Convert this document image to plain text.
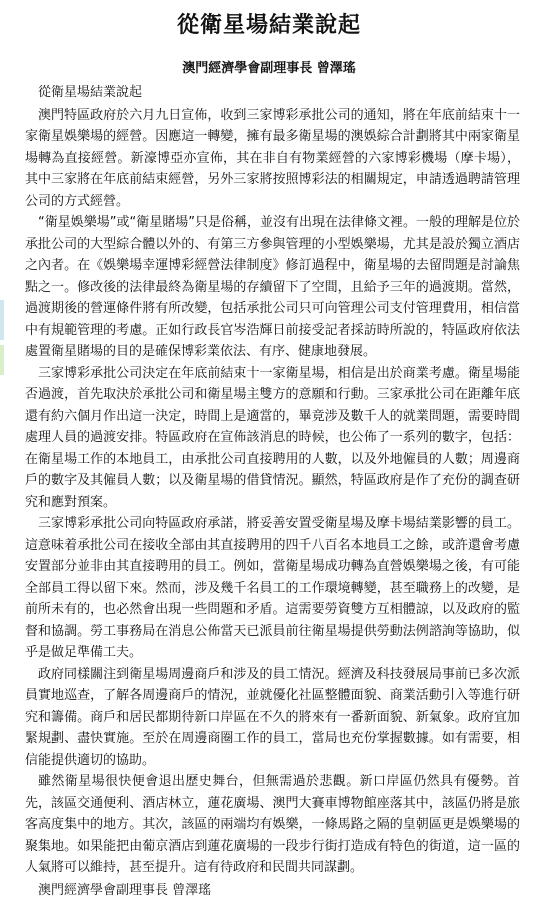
從衛星場結業說起
澳門經濟學會副理事長 曾澤瑤

從衛星場結業說起

澳門特區政府於六月九日宣佈，收到三家博彩承批公司的通知，將在年底前結束十一家衛星娛樂場的經營。因應這一轉變，擁有最多衛星場的澳娛綜合計劃將其中兩家衛星場轉為直接經營。新濠博亞亦宣佈，其在非自有物業經營的六家博彩機場（摩卡場），其中三家將在年底前結束經營，另外三家將按照博彩法的相關規定，申請透過聘請管理公司的方式經營。

“衛星娛樂場”或“衛星賭場”只是俗稱，並沒有出現在法律條文裡。一般的理解是位於承批公司的大型綜合體以外的、有第三方參與管理的小型娛樂場，尤其是設於獨立酒店之內者。在《娛樂場幸運博彩經營法律制度》修訂過程中，衛星場的去留問題是討論焦點之一。修改後的法律最終為衛星場的存續留下了空間，且給予三年的過渡期。當然，過渡期後的營運條件將有所改變，包括承批公司只可向管理公司支付管理費用，相信當中有規範管理的考慮。正如行政長官岑浩輝日前接受記者採訪時所說的，特區政府依法處置衛星賭場的目的是確保博彩業依法、有序、健康地發展。

三家博彩承批公司決定在年底前結束十一家衛星場，相信是出於商業考慮。衛星場能否過渡，首先取決於承批公司和衛星場主雙方的意願和行動。三家承批公司在距離年底還有約六個月作出這一決定，時間上是適當的，畢竟涉及數千人的就業問題，需要時間處理人員的過渡安排。特區政府在宣佈該消息的時候，也公佈了一系列的數字，包括：在衛星場工作的本地員工，由承批公司直接聘用的人數，以及外地僱員的人數；周邊商戶的數字及其僱員人數；以及衛星場的借貸情況。顯然，特區政府是作了充份的調查研究和應對預案。

三家博彩承批公司向特區政府承諾，將妥善安置受衛星場及摩卡場結業影響的員工。這意味着承批公司在接收全部由其直接聘用的四千八百名本地員工之餘，或許還會考慮安置部分並非由其直接聘用的員工。例如，當衛星場成功轉為直營娛樂場之後，有可能全部員工得以留下來。然而，涉及幾千名員工的工作環境轉變，甚至職務上的改變，是前所未有的，也必然會出現一些問題和矛盾。這需要勞資雙方互相體諒，以及政府的監督和協調。勞工事務局在消息公佈當天已派員前往衛星場提供勞動法例諮詢等協助，似乎是做足準備工夫。

政府同樣關注到衛星場周邊商戶和涉及的員工情況。經濟及科技發展局事前已多次派員實地巡查，了解各周邊商戶的情況，並就優化社區整體面貌、商業活動引入等進行研究和籌備。商戶和居民都期待新口岸區在不久的將來有一番新面貌、新氣象。政府宜加緊規劃、盡快實施。至於在周邊商圈工作的員工，當局也充份掌握數據。如有需要，相信能提供適切的協助。

雖然衛星場很快便會退出歷史舞台，但無需過於悲觀。新口岸區仍然具有優勢。首先，該區交通便利、酒店林立，蓮花廣場、澳門大賽車博物館座落其中，該區仍將是旅客高度集中的地方。其次，該區的兩端均有娛樂，一條馬路之隔的皇朝區更是娛樂場的聚集地。如果能把由葡京酒店到蓮花廣場的一段步行街打造成有特色的街道，這一區的人氣將可以維持，甚至提升。這有待政府和民間共同謀劃。

澳門經濟學會副理事長 曾澤瑤
